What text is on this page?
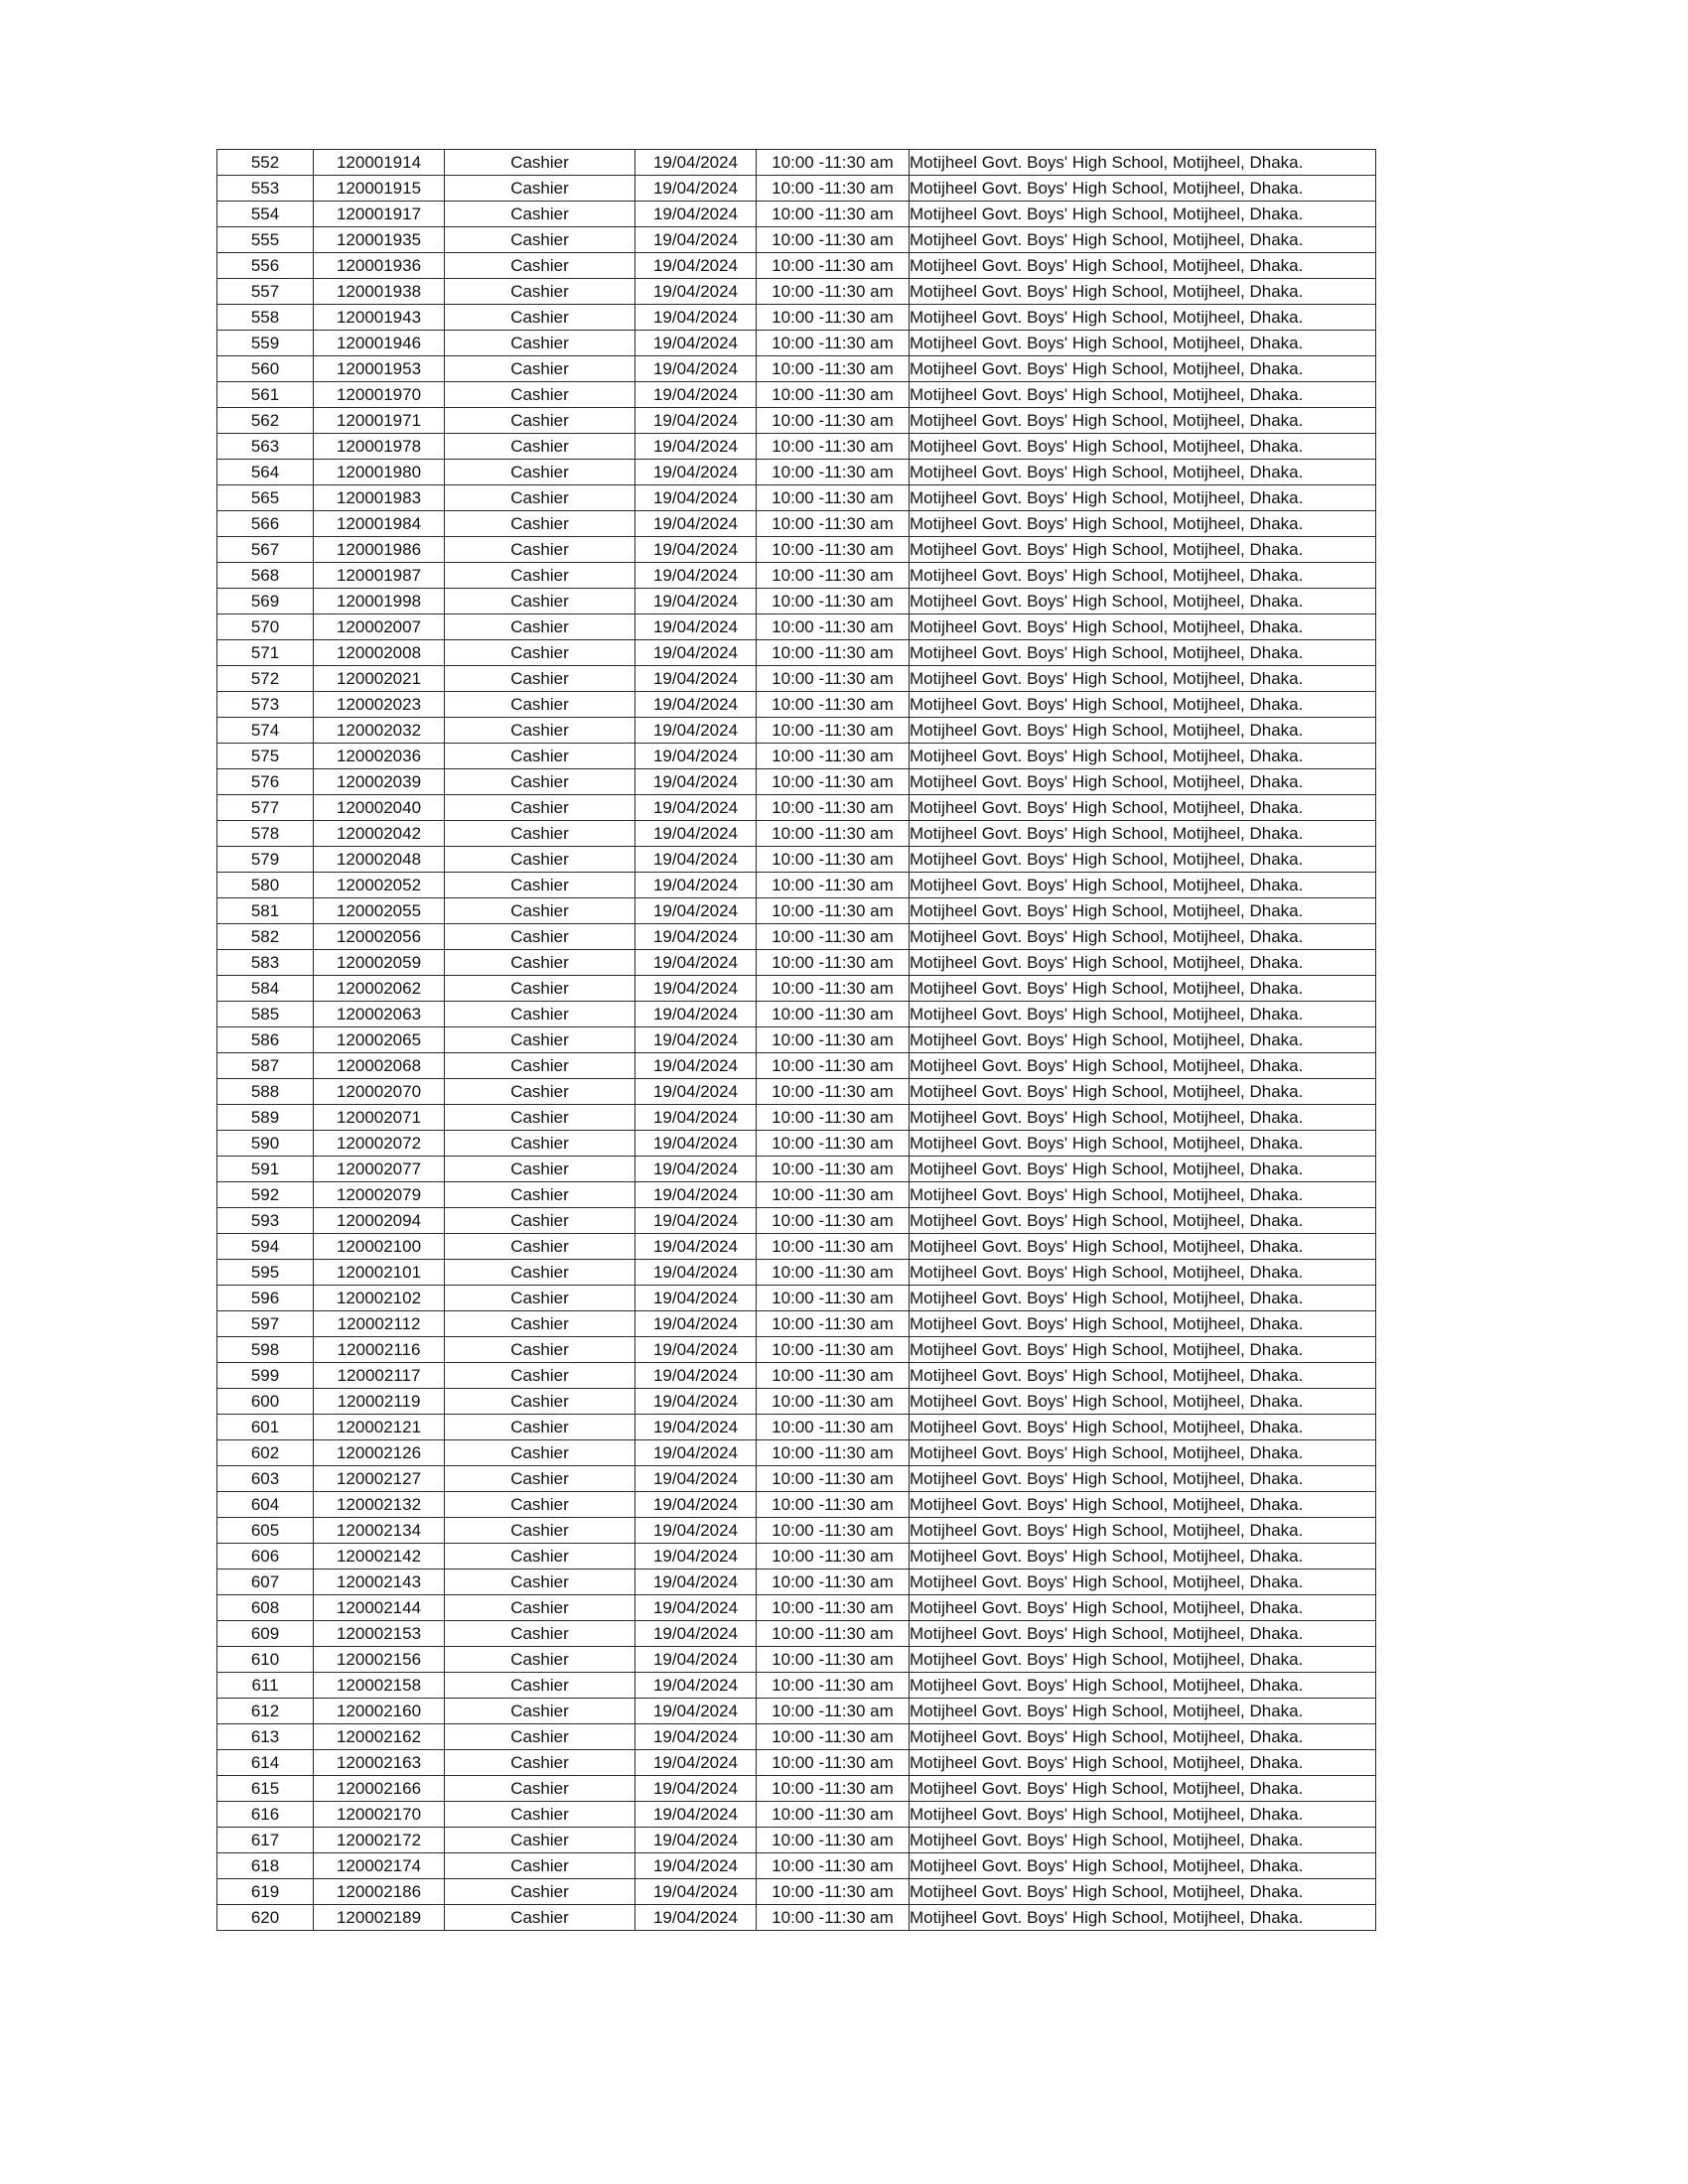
552	120001914	Cashier	19/04/2024	10:00 -11:30 am	Motijheel Govt. Boys' High School, Motijheel, Dhaka.
553	120001915	Cashier	19/04/2024	10:00 -11:30 am	Motijheel Govt. Boys' High School, Motijheel, Dhaka.
554	120001917	Cashier	19/04/2024	10:00 -11:30 am	Motijheel Govt. Boys' High School, Motijheel, Dhaka.
555	120001935	Cashier	19/04/2024	10:00 -11:30 am	Motijheel Govt. Boys' High School, Motijheel, Dhaka.
556	120001936	Cashier	19/04/2024	10:00 -11:30 am	Motijheel Govt. Boys' High School, Motijheel, Dhaka.
557	120001938	Cashier	19/04/2024	10:00 -11:30 am	Motijheel Govt. Boys' High School, Motijheel, Dhaka.
558	120001943	Cashier	19/04/2024	10:00 -11:30 am	Motijheel Govt. Boys' High School, Motijheel, Dhaka.
559	120001946	Cashier	19/04/2024	10:00 -11:30 am	Motijheel Govt. Boys' High School, Motijheel, Dhaka.
560	120001953	Cashier	19/04/2024	10:00 -11:30 am	Motijheel Govt. Boys' High School, Motijheel, Dhaka.
561	120001970	Cashier	19/04/2024	10:00 -11:30 am	Motijheel Govt. Boys' High School, Motijheel, Dhaka.
562	120001971	Cashier	19/04/2024	10:00 -11:30 am	Motijheel Govt. Boys' High School, Motijheel, Dhaka.
563	120001978	Cashier	19/04/2024	10:00 -11:30 am	Motijheel Govt. Boys' High School, Motijheel, Dhaka.
564	120001980	Cashier	19/04/2024	10:00 -11:30 am	Motijheel Govt. Boys' High School, Motijheel, Dhaka.
565	120001983	Cashier	19/04/2024	10:00 -11:30 am	Motijheel Govt. Boys' High School, Motijheel, Dhaka.
566	120001984	Cashier	19/04/2024	10:00 -11:30 am	Motijheel Govt. Boys' High School, Motijheel, Dhaka.
567	120001986	Cashier	19/04/2024	10:00 -11:30 am	Motijheel Govt. Boys' High School, Motijheel, Dhaka.
568	120001987	Cashier	19/04/2024	10:00 -11:30 am	Motijheel Govt. Boys' High School, Motijheel, Dhaka.
569	120001998	Cashier	19/04/2024	10:00 -11:30 am	Motijheel Govt. Boys' High School, Motijheel, Dhaka.
570	120002007	Cashier	19/04/2024	10:00 -11:30 am	Motijheel Govt. Boys' High School, Motijheel, Dhaka.
571	120002008	Cashier	19/04/2024	10:00 -11:30 am	Motijheel Govt. Boys' High School, Motijheel, Dhaka.
572	120002021	Cashier	19/04/2024	10:00 -11:30 am	Motijheel Govt. Boys' High School, Motijheel, Dhaka.
573	120002023	Cashier	19/04/2024	10:00 -11:30 am	Motijheel Govt. Boys' High School, Motijheel, Dhaka.
574	120002032	Cashier	19/04/2024	10:00 -11:30 am	Motijheel Govt. Boys' High School, Motijheel, Dhaka.
575	120002036	Cashier	19/04/2024	10:00 -11:30 am	Motijheel Govt. Boys' High School, Motijheel, Dhaka.
576	120002039	Cashier	19/04/2024	10:00 -11:30 am	Motijheel Govt. Boys' High School, Motijheel, Dhaka.
577	120002040	Cashier	19/04/2024	10:00 -11:30 am	Motijheel Govt. Boys' High School, Motijheel, Dhaka.
578	120002042	Cashier	19/04/2024	10:00 -11:30 am	Motijheel Govt. Boys' High School, Motijheel, Dhaka.
579	120002048	Cashier	19/04/2024	10:00 -11:30 am	Motijheel Govt. Boys' High School, Motijheel, Dhaka.
580	120002052	Cashier	19/04/2024	10:00 -11:30 am	Motijheel Govt. Boys' High School, Motijheel, Dhaka.
581	120002055	Cashier	19/04/2024	10:00 -11:30 am	Motijheel Govt. Boys' High School, Motijheel, Dhaka.
582	120002056	Cashier	19/04/2024	10:00 -11:30 am	Motijheel Govt. Boys' High School, Motijheel, Dhaka.
583	120002059	Cashier	19/04/2024	10:00 -11:30 am	Motijheel Govt. Boys' High School, Motijheel, Dhaka.
584	120002062	Cashier	19/04/2024	10:00 -11:30 am	Motijheel Govt. Boys' High School, Motijheel, Dhaka.
585	120002063	Cashier	19/04/2024	10:00 -11:30 am	Motijheel Govt. Boys' High School, Motijheel, Dhaka.
586	120002065	Cashier	19/04/2024	10:00 -11:30 am	Motijheel Govt. Boys' High School, Motijheel, Dhaka.
587	120002068	Cashier	19/04/2024	10:00 -11:30 am	Motijheel Govt. Boys' High School, Motijheel, Dhaka.
588	120002070	Cashier	19/04/2024	10:00 -11:30 am	Motijheel Govt. Boys' High School, Motijheel, Dhaka.
589	120002071	Cashier	19/04/2024	10:00 -11:30 am	Motijheel Govt. Boys' High School, Motijheel, Dhaka.
590	120002072	Cashier	19/04/2024	10:00 -11:30 am	Motijheel Govt. Boys' High School, Motijheel, Dhaka.
591	120002077	Cashier	19/04/2024	10:00 -11:30 am	Motijheel Govt. Boys' High School, Motijheel, Dhaka.
592	120002079	Cashier	19/04/2024	10:00 -11:30 am	Motijheel Govt. Boys' High School, Motijheel, Dhaka.
593	120002094	Cashier	19/04/2024	10:00 -11:30 am	Motijheel Govt. Boys' High School, Motijheel, Dhaka.
594	120002100	Cashier	19/04/2024	10:00 -11:30 am	Motijheel Govt. Boys' High School, Motijheel, Dhaka.
595	120002101	Cashier	19/04/2024	10:00 -11:30 am	Motijheel Govt. Boys' High School, Motijheel, Dhaka.
596	120002102	Cashier	19/04/2024	10:00 -11:30 am	Motijheel Govt. Boys' High School, Motijheel, Dhaka.
597	120002112	Cashier	19/04/2024	10:00 -11:30 am	Motijheel Govt. Boys' High School, Motijheel, Dhaka.
598	120002116	Cashier	19/04/2024	10:00 -11:30 am	Motijheel Govt. Boys' High School, Motijheel, Dhaka.
599	120002117	Cashier	19/04/2024	10:00 -11:30 am	Motijheel Govt. Boys' High School, Motijheel, Dhaka.
600	120002119	Cashier	19/04/2024	10:00 -11:30 am	Motijheel Govt. Boys' High School, Motijheel, Dhaka.
601	120002121	Cashier	19/04/2024	10:00 -11:30 am	Motijheel Govt. Boys' High School, Motijheel, Dhaka.
602	120002126	Cashier	19/04/2024	10:00 -11:30 am	Motijheel Govt. Boys' High School, Motijheel, Dhaka.
603	120002127	Cashier	19/04/2024	10:00 -11:30 am	Motijheel Govt. Boys' High School, Motijheel, Dhaka.
604	120002132	Cashier	19/04/2024	10:00 -11:30 am	Motijheel Govt. Boys' High School, Motijheel, Dhaka.
605	120002134	Cashier	19/04/2024	10:00 -11:30 am	Motijheel Govt. Boys' High School, Motijheel, Dhaka.
606	120002142	Cashier	19/04/2024	10:00 -11:30 am	Motijheel Govt. Boys' High School, Motijheel, Dhaka.
607	120002143	Cashier	19/04/2024	10:00 -11:30 am	Motijheel Govt. Boys' High School, Motijheel, Dhaka.
608	120002144	Cashier	19/04/2024	10:00 -11:30 am	Motijheel Govt. Boys' High School, Motijheel, Dhaka.
609	120002153	Cashier	19/04/2024	10:00 -11:30 am	Motijheel Govt. Boys' High School, Motijheel, Dhaka.
610	120002156	Cashier	19/04/2024	10:00 -11:30 am	Motijheel Govt. Boys' High School, Motijheel, Dhaka.
611	120002158	Cashier	19/04/2024	10:00 -11:30 am	Motijheel Govt. Boys' High School, Motijheel, Dhaka.
612	120002160	Cashier	19/04/2024	10:00 -11:30 am	Motijheel Govt. Boys' High School, Motijheel, Dhaka.
613	120002162	Cashier	19/04/2024	10:00 -11:30 am	Motijheel Govt. Boys' High School, Motijheel, Dhaka.
614	120002163	Cashier	19/04/2024	10:00 -11:30 am	Motijheel Govt. Boys' High School, Motijheel, Dhaka.
615	120002166	Cashier	19/04/2024	10:00 -11:30 am	Motijheel Govt. Boys' High School, Motijheel, Dhaka.
616	120002170	Cashier	19/04/2024	10:00 -11:30 am	Motijheel Govt. Boys' High School, Motijheel, Dhaka.
617	120002172	Cashier	19/04/2024	10:00 -11:30 am	Motijheel Govt. Boys' High School, Motijheel, Dhaka.
618	120002174	Cashier	19/04/2024	10:00 -11:30 am	Motijheel Govt. Boys' High School, Motijheel, Dhaka.
619	120002186	Cashier	19/04/2024	10:00 -11:30 am	Motijheel Govt. Boys' High School, Motijheel, Dhaka.
620	120002189	Cashier	19/04/2024	10:00 -11:30 am	Motijheel Govt. Boys' High School, Motijheel, Dhaka.
